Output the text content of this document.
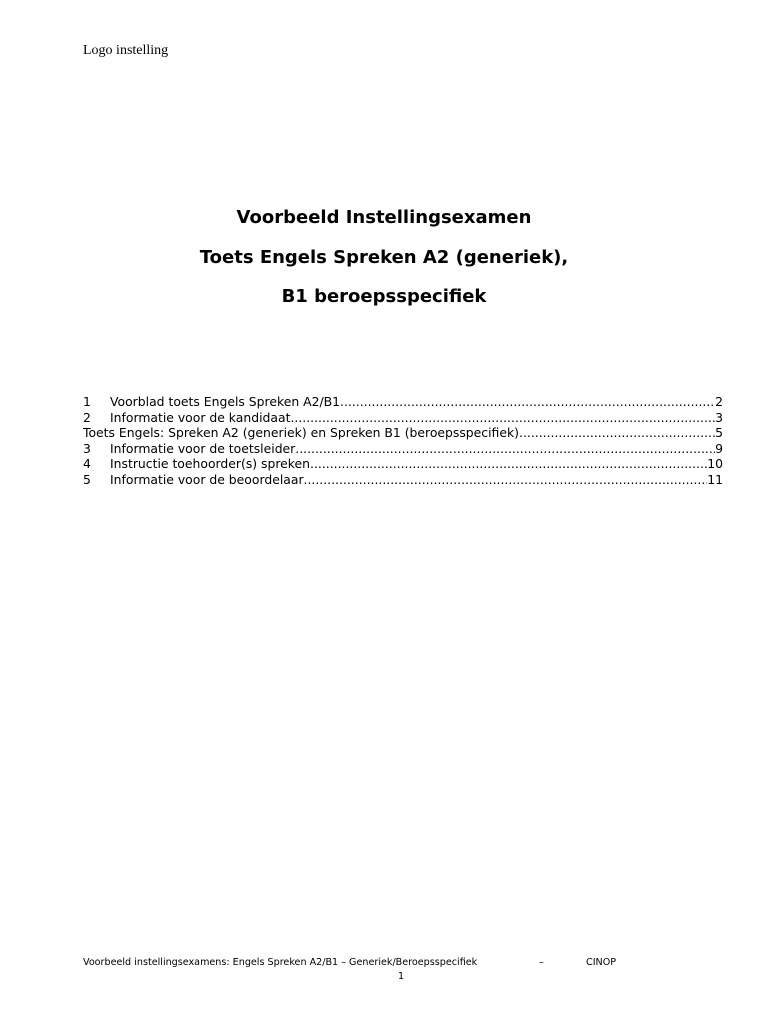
Logo instelling
Voorbeeld Instellingsexamen
Toets Engels Spreken A2 (generiek),
B1 beroepsspecifiek
1	Voorblad toets Engels Spreken A2/B1 .....	2
2	Informatie voor de kandidaat .....	3
Toets Engels: Spreken A2 (generiek) en Spreken B1 (beroepsspecifiek) .....	5
3	Informatie voor de toetsleider .....	9
4	Instructie toehoorder(s) spreken .....	10
5	Informatie voor de beoordelaar .....	11
Voorbeeld instellingsexamens: Engels Spreken A2/B1 – Generiek/Beroepsspecifiek	–	CINOP
1
